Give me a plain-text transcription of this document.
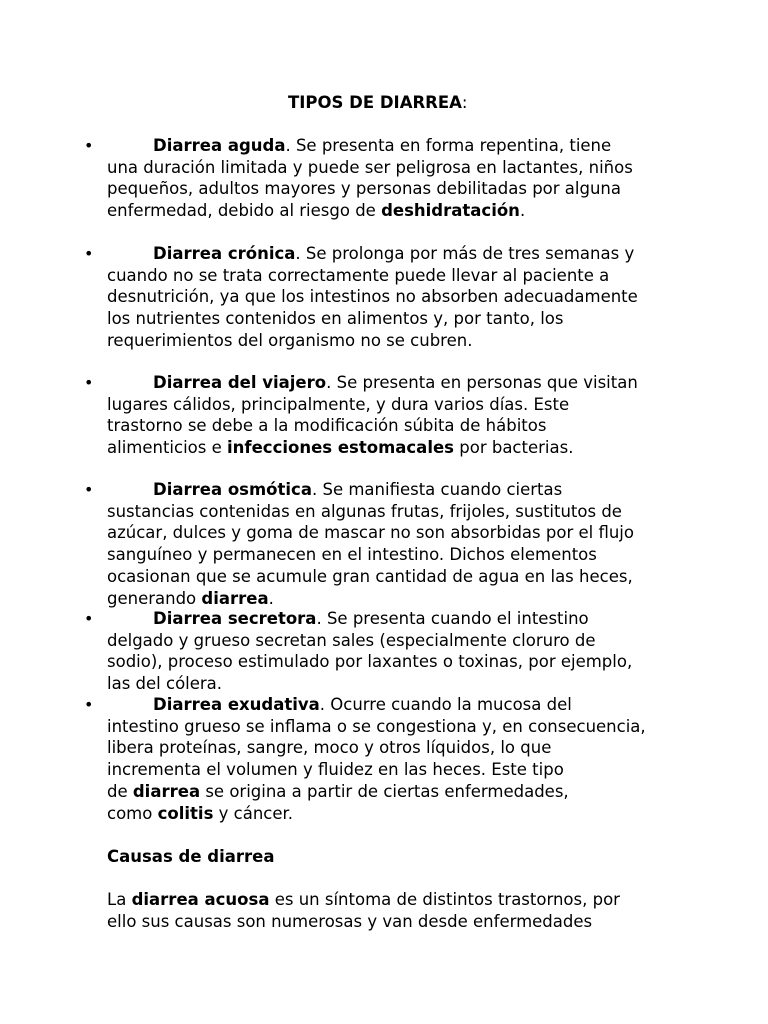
TIPOS DE DIARREA:
•	Diarrea aguda. Se presenta en forma repentina, tiene
una duración limitada y puede ser peligrosa en lactantes, niños
pequeños, adultos mayores y personas debilitadas por alguna
enfermedad, debido al riesgo de deshidratación.
•	Diarrea crónica. Se prolonga por más de tres semanas y
cuando no se trata correctamente puede llevar al paciente a
desnutrición, ya que los intestinos no absorben adecuadamente
los nutrientes contenidos en alimentos y, por tanto, los
requerimientos del organismo no se cubren.
•	Diarrea del viajero. Se presenta en personas que visitan
lugares cálidos, principalmente, y dura varios días. Este
trastorno se debe a la modificación súbita de hábitos
alimenticios e infecciones estomacales por bacterias.
•	Diarrea osmótica. Se manifiesta cuando ciertas
sustancias contenidas en algunas frutas, frijoles, sustitutos de
azúcar, dulces y goma de mascar no son absorbidas por el flujo
sanguíneo y permanecen en el intestino. Dichos elementos
ocasionan que se acumule gran cantidad de agua en las heces,
generando diarrea.
•	Diarrea secretora. Se presenta cuando el intestino
delgado y grueso secretan sales (especialmente cloruro de
sodio), proceso estimulado por laxantes o toxinas, por ejemplo,
las del cólera.
•	Diarrea exudativa. Ocurre cuando la mucosa del
intestino grueso se inflama o se congestiona y, en consecuencia,
libera proteínas, sangre, moco y otros líquidos, lo que
incrementa el volumen y fluidez en las heces. Este tipo
de diarrea se origina a partir de ciertas enfermedades,
como colitis y cáncer.
Causas de diarrea
La diarrea acuosa es un síntoma de distintos trastornos, por
ello sus causas son numerosas y van desde enfermedades
